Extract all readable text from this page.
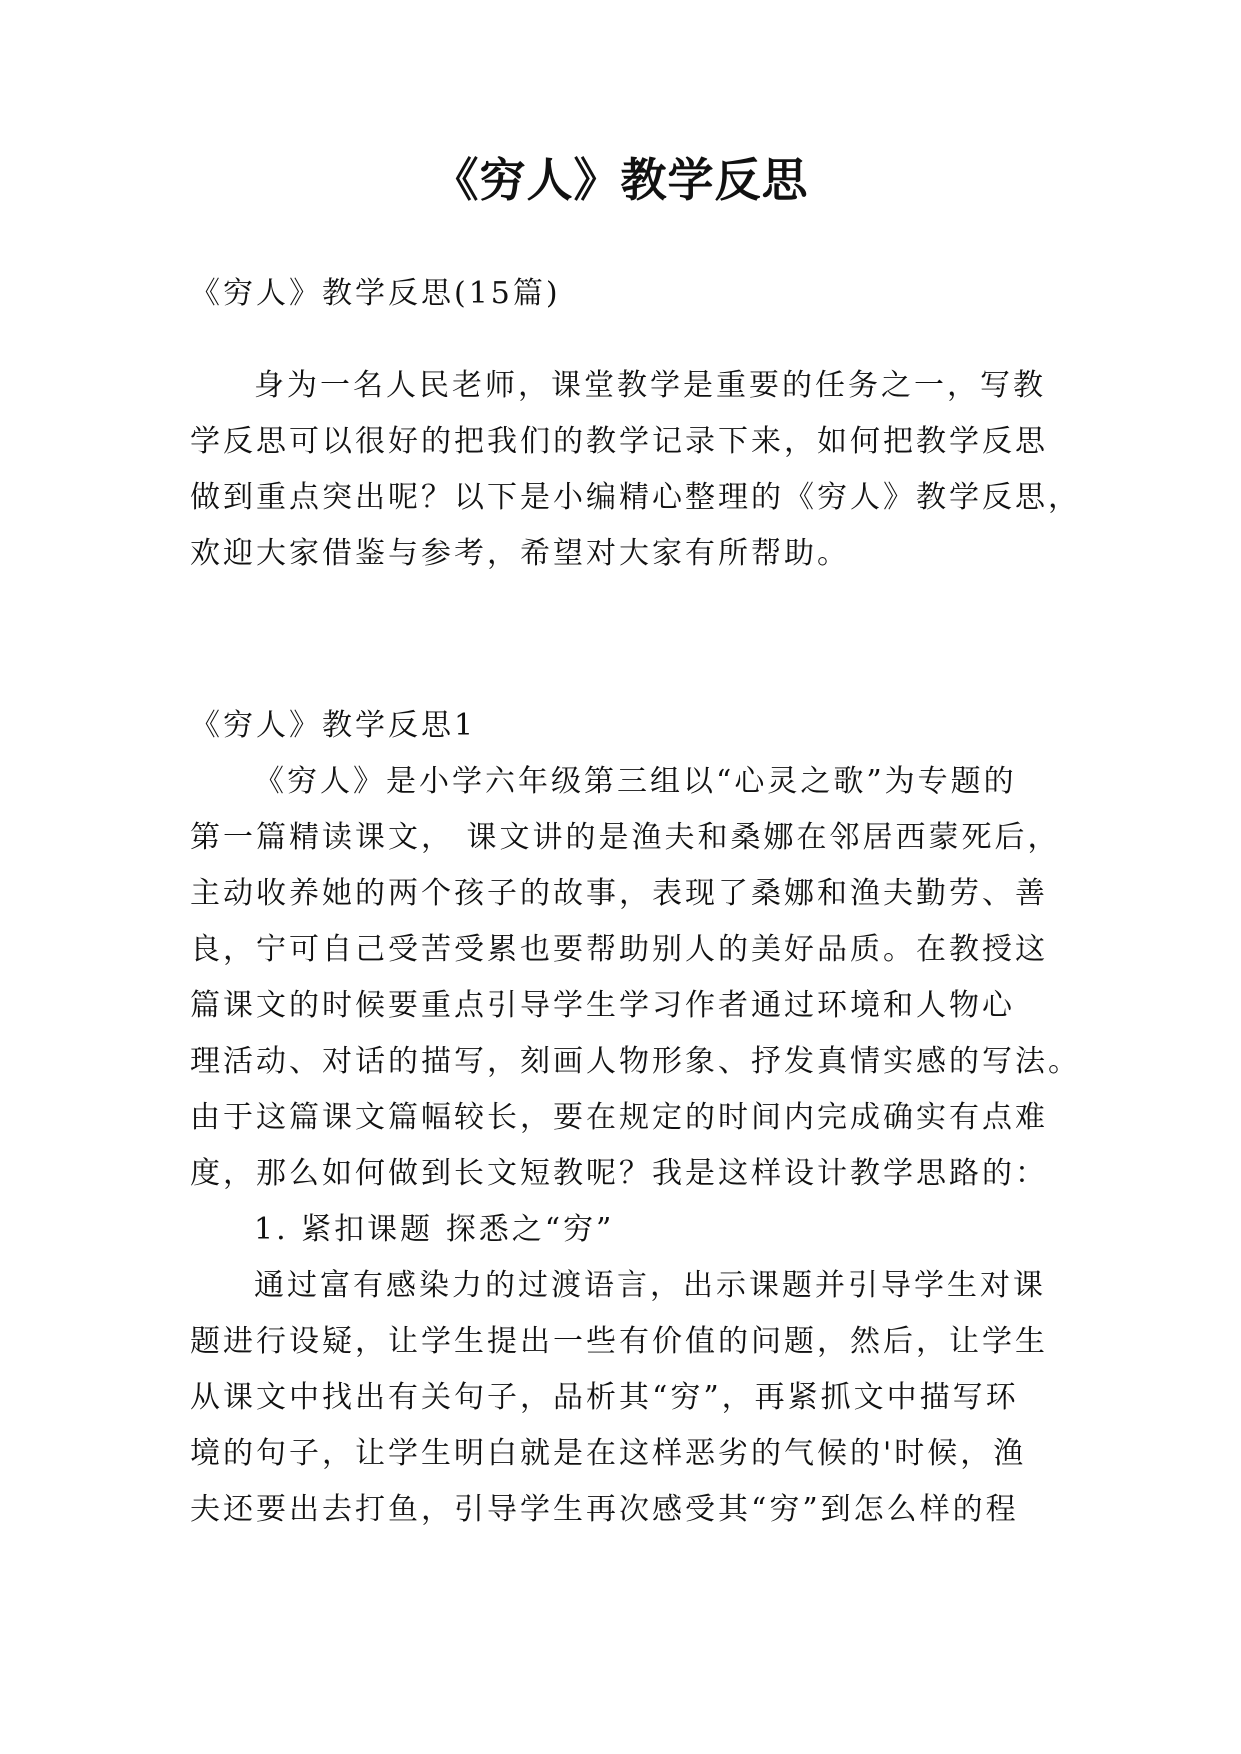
《穷人》教学反思

《穷人》教学反思(15篇)

身为一名人民老师，课堂教学是重要的任务之一，写教
学反思可以很好的把我们的教学记录下来，如何把教学反思
做到重点突出呢？以下是小编精心整理的《穷人》教学反思，
欢迎大家借鉴与参考，希望对大家有所帮助。

《穷人》教学反思1

《穷人》是小学六年级第三组以“心灵之歌”为专题的
第一篇精读课文， 课文讲的是渔夫和桑娜在邻居西蒙死后，
主动收养她的两个孩子的故事，表现了桑娜和渔夫勤劳、善
良，宁可自己受苦受累也要帮助别人的美好品质。在教授这
篇课文的时候要重点引导学生学习作者通过环境和人物心
理活动、对话的描写，刻画人物形象、抒发真情实感的写法。
由于这篇课文篇幅较长，要在规定的时间内完成确实有点难
度，那么如何做到长文短教呢？我是这样设计教学思路的：

1. 紧扣课题 探悉之“穷”

通过富有感染力的过渡语言，出示课题并引导学生对课
题进行设疑，让学生提出一些有价值的问题，然后，让学生
从课文中找出有关句子，品析其“穷”，再紧抓文中描写环
境的句子，让学生明白就是在这样恶劣的气候的'时候，渔
夫还要出去打鱼，引导学生再次感受其“穷”到怎么样的程
